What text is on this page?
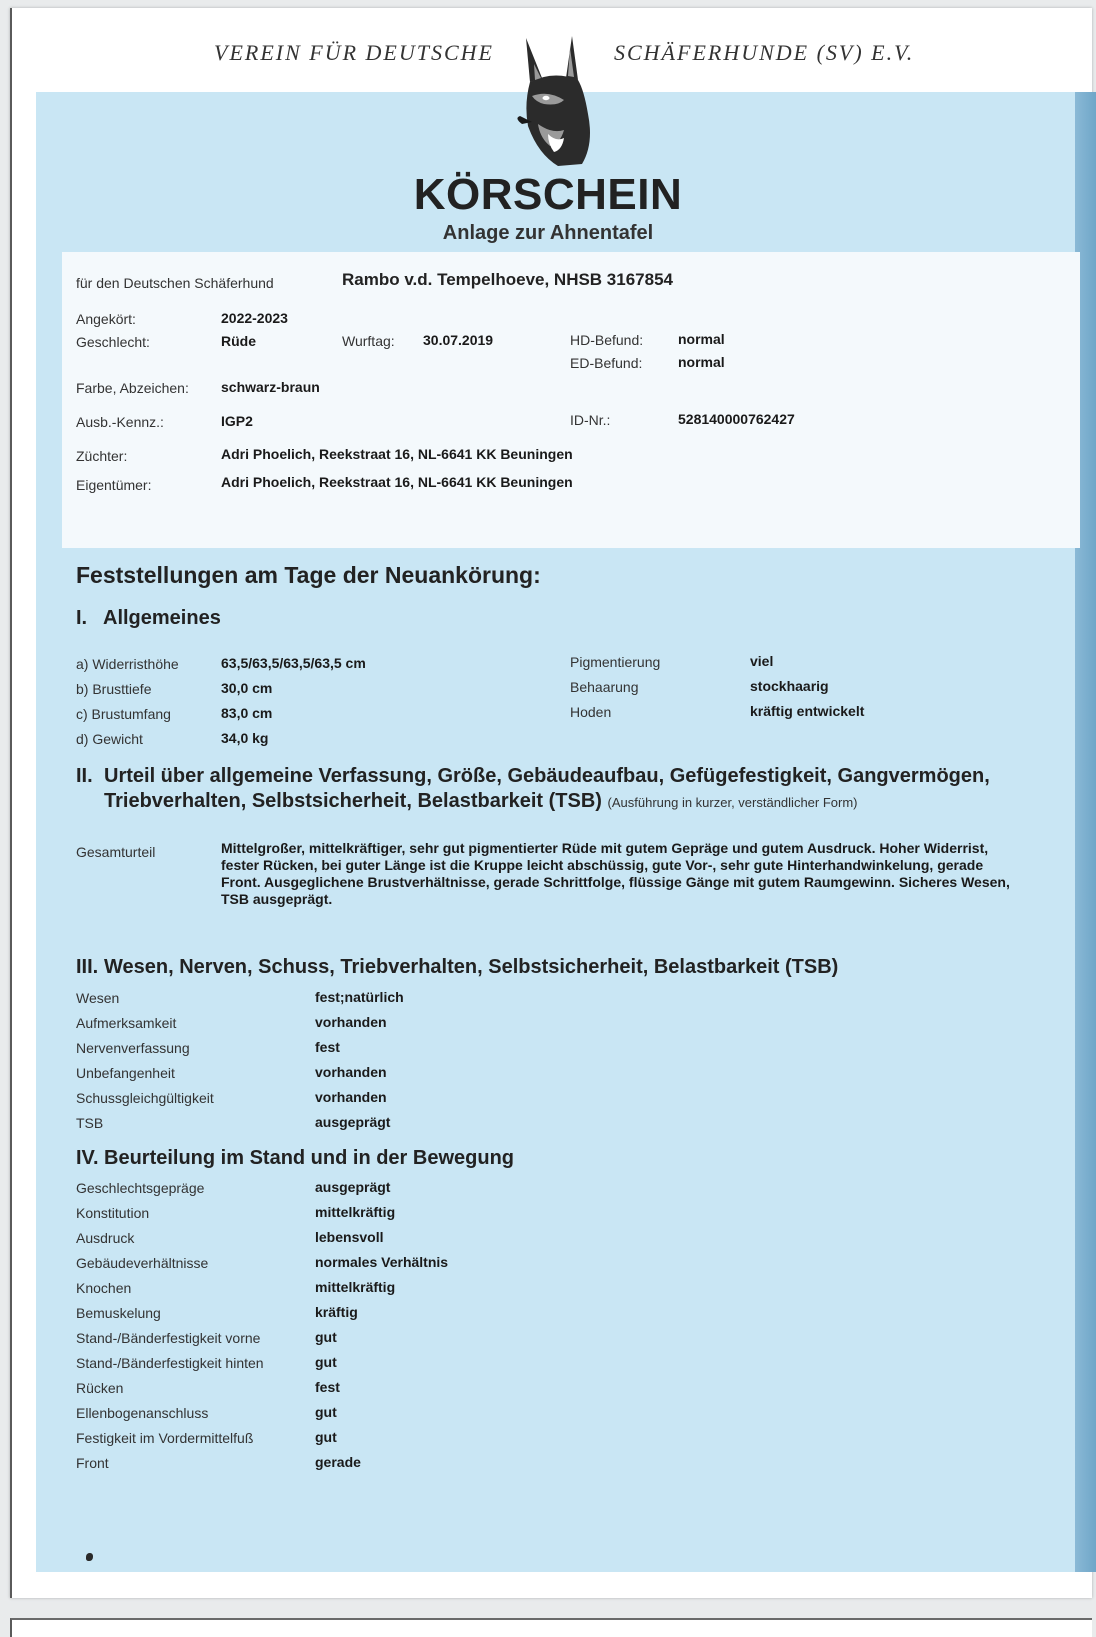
VEREIN FÜR DEUTSCHE	SCHÄFERHUNDE (SV) E.V.
KÖRSCHEIN
Anlage zur Ahnentafel
für den Deutschen Schäferhund	Rambo v.d. Tempelhoeve, NHSB 3167854
Angekört:	2022-2023
Geschlecht:	Rüde	Wurftag: 30.07.2019	HD-Befund: normal
ED-Befund:	normal
Farbe, Abzeichen: schwarz-braun
Ausb.-Kennz.:	IGP2	ID-Nr.:	528140000762427
Züchter:	Adri Phoelich, Reekstraat 16, NL-6641 KK Beuningen
Eigentümer:	Adri Phoelich, Reekstraat 16, NL-6641 KK Beuningen
Feststellungen am Tage der Neuankörung:
I. Allgemeines
a) Widerristhöhe	63,5/63,5/63,5/63,5 cm
b) Brusttiefe	30,0 cm
c) Brustumfang	83,0 cm
d) Gewicht	34,0 kg
Pigmentierung	viel
Behaarung	stockhaarig
Hoden	kräftig entwickelt
II. Urteil über allgemeine Verfassung, Größe, Gebäudeaufbau, Gefügefestigkeit, Gangvermögen,
Triebverhalten, Selbstsicherheit, Belastbarkeit (TSB) (Ausführung in kurzer, verständlicher Form)
Gesamturteil	Mittelgroßer, mittelkräftiger, sehr gut pigmentierter Rüde mit gutem Gepräge und gutem Ausdruck. Hoher Widerrist, fester Rücken, bei guter Länge ist die Kruppe leicht abschüssig, gute Vor-, sehr gute Hinterhandwinkelung, gerade Front. Ausgeglichene Brustverhältnisse, gerade Schrittfolge, flüssige Gänge mit gutem Raumgewinn. Sicheres Wesen, TSB ausgeprägt.
III. Wesen, Nerven, Schuss, Triebverhalten, Selbstsicherheit, Belastbarkeit (TSB)
Wesen	fest;natürlich
Aufmerksamkeit	vorhanden
Nervenverfassung	fest
Unbefangenheit	vorhanden
Schussgleichgültigkeit	vorhanden
TSB	ausgeprägt
IV. Beurteilung im Stand und in der Bewegung
Geschlechtsgepräge	ausgeprägt
Konstitution	mittelkräftig
Ausdruck	lebensvoll
Gebäudeverhältnisse	normales Verhältnis
Knochen	mittelkräftig
Bemuskelung	kräftig
Stand-/Bänderfestigkeit vorne	gut
Stand-/Bänderfestigkeit hinten	gut
Rücken	fest
Ellenbogenanschluss	gut
Festigkeit im Vordermittelfuß	gut
Front	gerade
